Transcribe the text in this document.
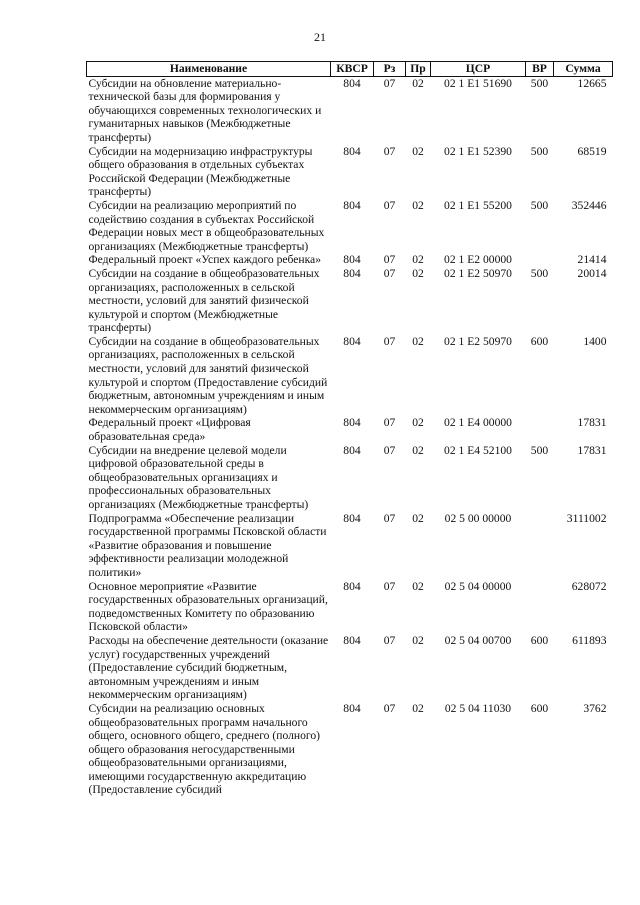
21
Наименование	КВСР	Рз	Пр	ЦСР	ВР	Сумма
Субсидии на обновление материально-технической базы для формирования у обучающихся современных технологических и гуманитарных навыков (Межбюджетные трансферты)	804	07	02	02 1 E1 51690	500	12665
Субсидии на модернизацию инфраструктуры общего образования в отдельных субъектах Российской Федерации (Межбюджетные трансферты)	804	07	02	02 1 E1 52390	500	68519
Субсидии на реализацию мероприятий по содействию создания в субъектах Российской Федерации новых мест в общеобразовательных организациях (Межбюджетные трансферты)	804	07	02	02 1 E1 55200	500	352446
Федеральный проект «Успех каждого ребенка»	804	07	02	02 1 E2 00000		21414
Субсидии на создание в общеобразовательных организациях, расположенных в сельской местности, условий для занятий физической культурой и спортом (Межбюджетные трансферты)	804	07	02	02 1 E2 50970	500	20014
Субсидии на создание в общеобразовательных организациях, расположенных в сельской местности, условий для занятий физической культурой и спортом (Предоставление субсидий бюджетным, автономным учреждениям и иным некоммерческим организациям)	804	07	02	02 1 E2 50970	600	1400
Федеральный проект «Цифровая образовательная среда»	804	07	02	02 1 E4 00000		17831
Субсидии на внедрение целевой модели цифровой образовательной среды в общеобразовательных организациях и профессиональных образовательных организациях (Межбюджетные трансферты)	804	07	02	02 1 E4 52100	500	17831
Подпрограмма «Обеспечение реализации государственной программы Псковской области «Развитие образования и повышение эффективности реализации молодежной политики»	804	07	02	02 5 00 00000		3111002
Основное мероприятие «Развитие государственных образовательных организаций, подведомственных Комитету по образованию Псковской области»	804	07	02	02 5 04 00000		628072
Расходы на обеспечение деятельности (оказание услуг) государственных учреждений (Предоставление субсидий бюджетным, автономным учреждениям и иным некоммерческим организациям)	804	07	02	02 5 04 00700	600	611893
Субсидии на реализацию основных общеобразовательных программ начального общего, основного общего, среднего (полного) общего образования негосударственными общеобразовательными организациями, имеющими государственную аккредитацию (Предоставление субсидий	804	07	02	02 5 04 11030	600	3762
